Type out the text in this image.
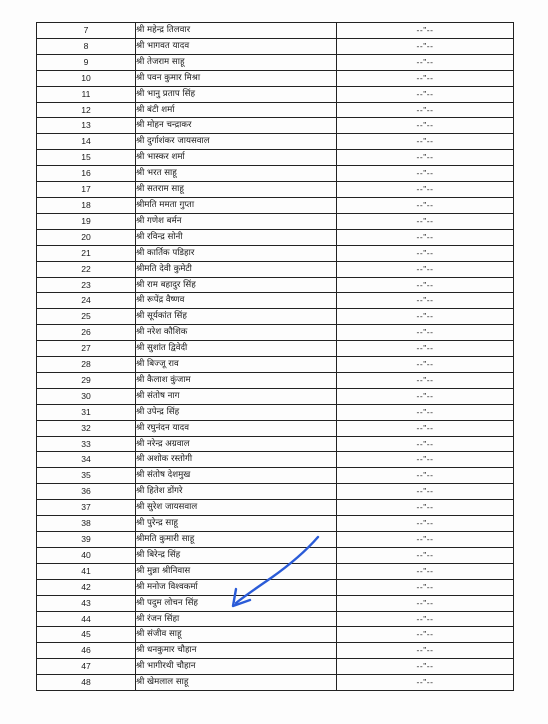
7	श्री महेन्द्र तिलवार	--"--
8	श्री भागवत यादव	--"--
9	श्री तेजराम साहू	--"--
10	श्री पवन कुमार मिश्रा	--"--
11	श्री भानु प्रताप सिंह	--"--
12	श्री बंटी शर्मा	--"--
13	श्री मोहन चन्द्राकर	--"--
14	श्री दुर्गाशंकर जायसवाल	--"--
15	श्री भास्कर शर्मा	--"--
16	श्री भरत साहू	--"--
17	श्री सतराम साहू	--"--
18	श्रीमति ममता गुप्ता	--"--
19	श्री गणेश बर्मन	--"--
20	श्री रविन्द्र सोनी	--"--
21	श्री कार्तिक पडिहार	--"--
22	श्रीमति देवी कुमेटी	--"--
23	श्री राम बहादुर सिंह	--"--
24	श्री रूपेंद्र वैष्णव	--"--
25	श्री सूर्यकांत सिंह	--"--
26	श्री नरेश कौशिक	--"--
27	श्री सुशांत द्विवेदी	--"--
28	श्री बिज्जू राव	--"--
29	श्री कैलाश कुंजाम	--"--
30	श्री संतोष नाग	--"--
31	श्री उपेन्द्र सिंह	--"--
32	श्री रघुनंदन यादव	--"--
33	श्री नरेन्द्र अग्रवाल	--"--
34	श्री अशोक रस्तोगी	--"--
35	श्री संतोष देशमुख	--"--
36	श्री हितेश डोंगरे	--"--
37	श्री सुरेश जायसवाल	--"--
38	श्री पुरेन्द्र साहू	--"--
39	श्रीमति कुमारी साहू	--"--
40	श्री बिरेन्द्र सिंह	--"--
41	श्री मुन्ना श्रीनिवास	--"--
42	श्री मनोज विश्वकर्मा	--"--
43	श्री पदुम लोचन सिंह	--"--
44	श्री रंजन सिंहा	--"--
45	श्री संजीव साहू	--"--
46	श्री धनकुमार चौहान	--"--
47	श्री भागीरथी चौहान	--"--
48	श्री खेमलाल साहू	--"--
